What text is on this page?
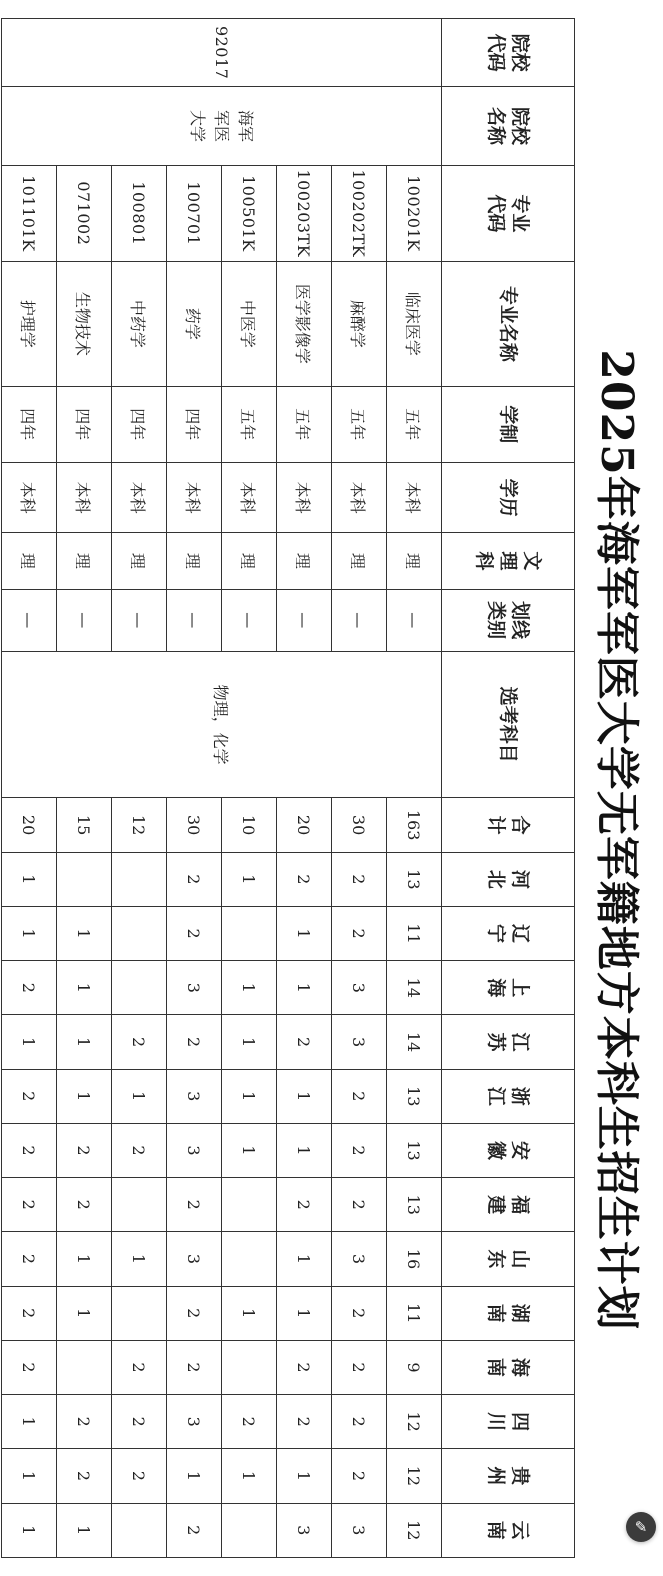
2025年海军军医大学无军籍地方本科生招生计划
院校代码	院校名称	专业代码	专业名称	学制	学历	文理科	划线类别	选考科目	合计	河北	辽宁	上海	江苏	浙江	安徽	福建	山东	湖南	海南	四川	贵州	云南
92017	海军
军医
大学	100201K	临床医学	五年	本科	理	—	物理，化学	163	13	11	14	14	13	13	13	16	11	9	12	12	12
		100202TK	麻醉学	五年	本科	理	—		30	2	2	3	3	2	2	2	3	2	2	2	2	3
		100203TK	医学影像学	五年	本科	理	—		20	2	1	1	2	1	1	2	1	1	2	2	1	3
		100501K	中医学	五年	本科	理	—		10	1		1	1	1	1			1		2	1	
		100701	药学	四年	本科	理	—		30	2	2	3	2	3	3	2	3	2	2	3	1	2
		100801	中药学	四年	本科	理	—		12				2	1	2		1		2	2	2	
		071002	生物技术	四年	本科	理	—		15		1	1	1	1	2	2	1	1		2	2	1
		101101K	护理学	四年	本科	理	—		20	1	1	2	1	2	2	2	2	2	2	1	1	1	✎
